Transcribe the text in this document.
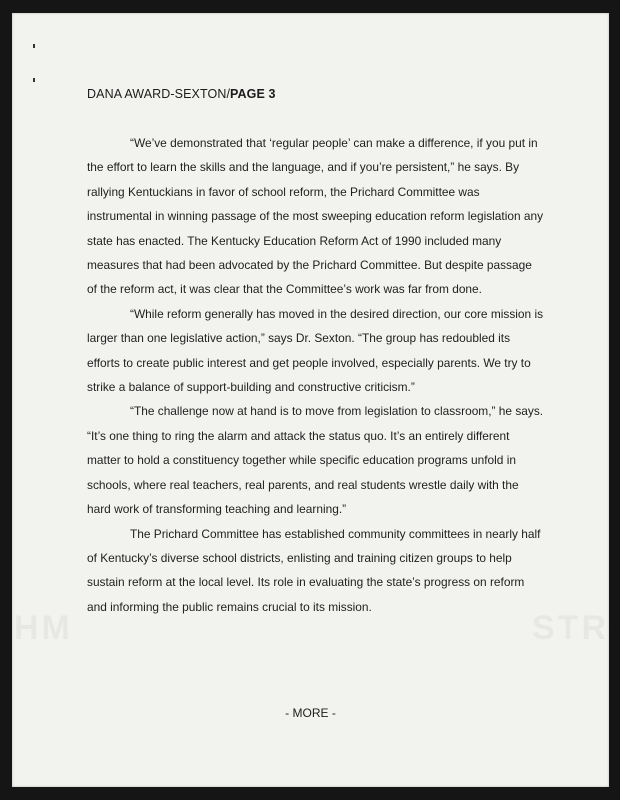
DANA AWARD-SEXTON/PAGE 3

“We’ve demonstrated that ‘regular people’ can make a difference, if you put in
the effort to learn the skills and the language, and if you’re persistent,” he says. By
rallying Kentuckians in favor of school reform, the Prichard Committee was
instrumental in winning passage of the most sweeping education reform legislation any
state has enacted. The Kentucky Education Reform Act of 1990 included many
measures that had been advocated by the Prichard Committee. But despite passage
of the reform act, it was clear that the Committee’s work was far from done.

“While reform generally has moved in the desired direction, our core mission is
larger than one legislative action,” says Dr. Sexton. “The group has redoubled its
efforts to create public interest and get people involved, especially parents. We try to
strike a balance of support-building and constructive criticism.”

“The challenge now at hand is to move from legislation to classroom,” he says.
“It’s one thing to ring the alarm and attack the status quo. It’s an entirely different
matter to hold a constituency together while specific education programs unfold in
schools, where real teachers, real parents, and real students wrestle daily with the
hard work of transforming teaching and learning.”

The Prichard Committee has established community committees in nearly half
of Kentucky’s diverse school districts, enlisting and training citizen groups to help
sustain reform at the local level. Its role in evaluating the state’s progress on reform
and informing the public remains crucial to its mission.

- MORE -
